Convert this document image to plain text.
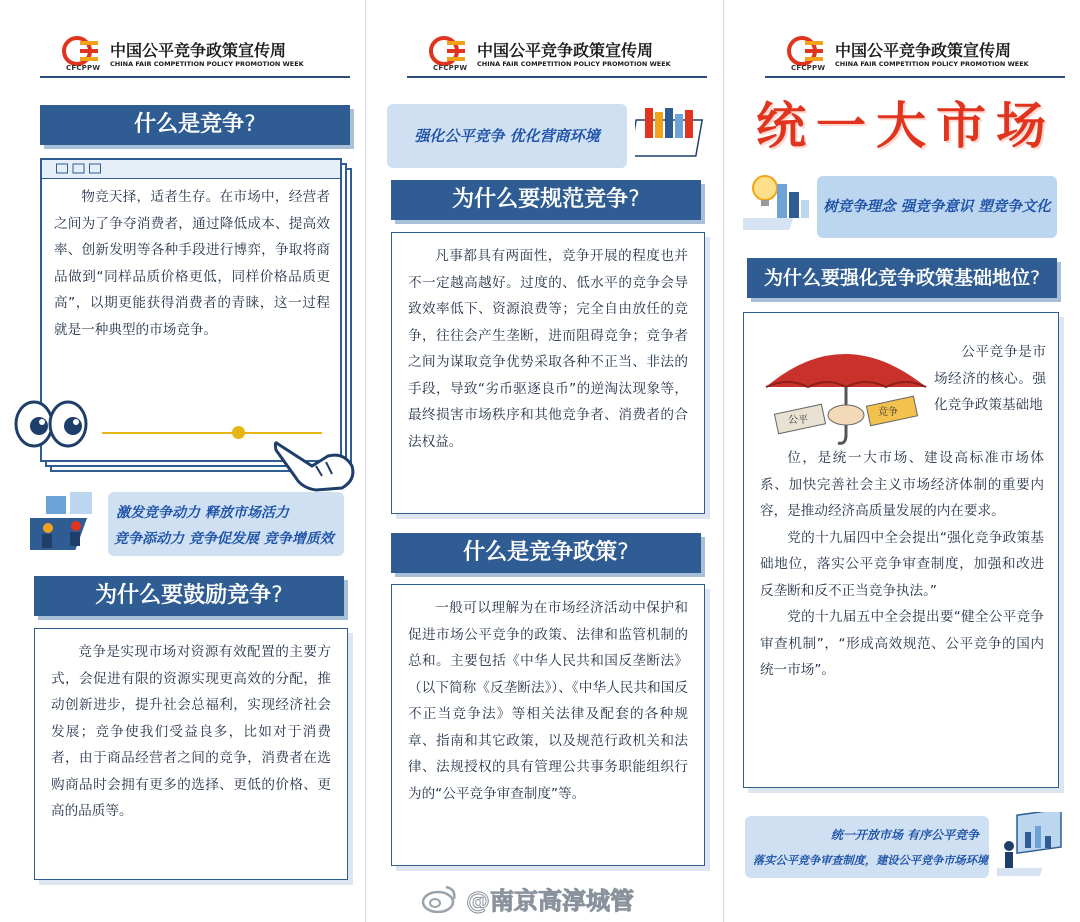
CFCPPW
中国公平竞争政策宣传周
CHINA FAIR COMPETITION POLICY PROMOTION WEEK
什么是竞争?

物竞天择，适者生存。在市场中，经营者之间为了争夺消费者，通过降低成本、提高效率、创新发明等各种手段进行博弈，争取将商品做到“同样品质价格更低，同样价格品质更高”，以期更能获得消费者的青睐，这一过程就是一种典型的市场竞争。

激发竞争动力 释放市场活力
竞争添动力 竞争促发展 竞争增质效
为什么要鼓励竞争?

竞争是实现市场对资源有效配置的主要方式，会促进有限的资源实现更高效的分配，推动创新进步，提升社会总福利，实现经济社会发展；竞争使我们受益良多，比如对于消费者，由于商品经营者之间的竞争，消费者在选购商品时会拥有更多的选择、更低的价格、更高的品质等。

CFCPPW
中国公平竞争政策宣传周
CHINA FAIR COMPETITION POLICY PROMOTION WEEK
强化公平竞争 优化营商环境
为什么要规范竞争?

凡事都具有两面性，竞争开展的程度也并不一定越高越好。过度的、低水平的竞争会导致效率低下、资源浪费等；完全自由放任的竞争，往往会产生垄断，进而阻碍竞争；竞争者之间为谋取竞争优势采取各种不正当、非法的手段，导致“劣币驱逐良币”的逆淘汰现象等，最终损害市场秩序和其他竞争者、消费者的合法权益。

什么是竞争政策?

一般可以理解为在市场经济活动中保护和促进市场公平竞争的政策、法律和监管机制的总和。主要包括《中华人民共和国反垄断法》（以下简称《反垄断法》）、《中华人民共和国反不正当竞争法》等相关法律及配套的各种规章、指南和其它政策，以及规范行政机关和法律、法规授权的具有管理公共事务职能组织行为的“公平竞争审查制度”等。

CFCPPW
中国公平竞争政策宣传周
CHINA FAIR COMPETITION POLICY PROMOTION WEEK
统一大市场
树竞争理念 强竞争意识 塑竞争文化
为什么要强化竞争政策基础地位?
公平
竞争
公平竞争是市场经济的核心。强化竞争政策基础地

位，是统一大市场、建设高标准市场体系、加快完善社会主义市场经济体制的重要内容，是推动经济高质量发展的内在要求。

党的十九届四中全会提出“强化竞争政策基础地位，落实公平竞争审查制度，加强和改进反垄断和反不正当竞争执法。”

党的十九届五中全会提出要“健全公平竞争审查机制”，“形成高效规范、公平竞争的国内统一市场”。

统一开放市场 有序公平竞争
落实公平竞争审查制度，建设公平竞争市场环境
@南京高淳城管
